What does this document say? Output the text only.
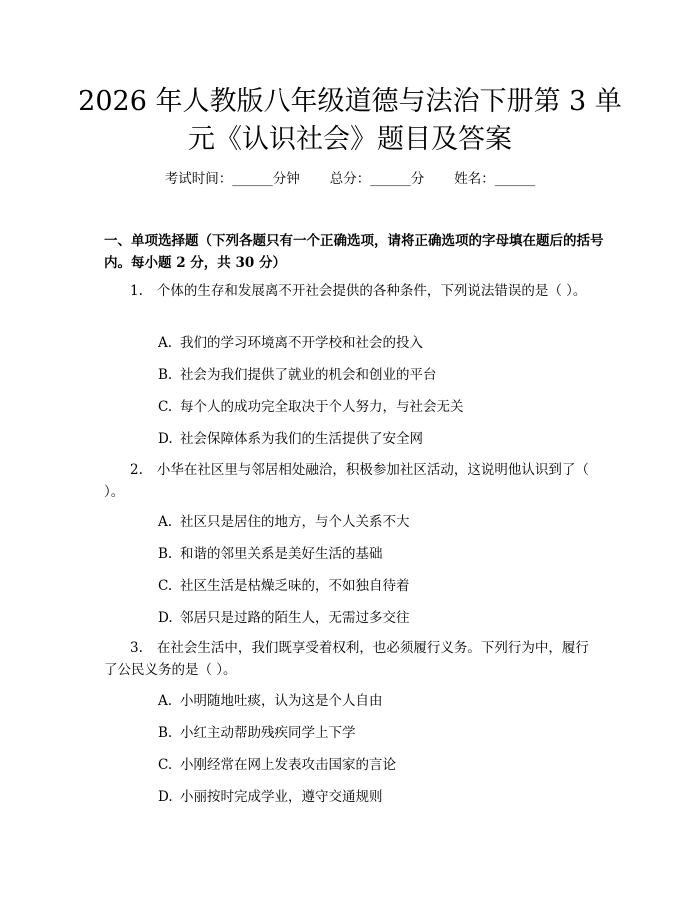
2026 年人教版八年级道德与法治下册第 3 单
元《认识社会》题目及答案
考试时间：______分钟 总分：______分 姓名：______

一、单项选择题（下列各题只有一个正确选项，请将正确选项的字母填在题后的括号内。每小题 2 分，共 30 分）

1. 个体的生存和发展离不开社会提供的各种条件，下列说法错误的是（ ）。

A. 我们的学习环境离不开学校和社会的投入
B. 社会为我们提供了就业的机会和创业的平台
C. 每个人的成功完全取决于个人努力，与社会无关
D. 社会保障体系为我们的生活提供了安全网

2. 小华在社区里与邻居相处融洽，积极参加社区活动，这说明他认识到了（ ）。

A. 社区只是居住的地方，与个人关系不大
B. 和谐的邻里关系是美好生活的基础
C. 社区生活是枯燥乏味的，不如独自待着
D. 邻居只是过路的陌生人，无需过多交往

3. 在社会生活中，我们既享受着权利，也必须履行义务。下列行为中，履行了公民义务的是（ ）。

A. 小明随地吐痰，认为这是个人自由
B. 小红主动帮助残疾同学上下学
C. 小刚经常在网上发表攻击国家的言论
D. 小丽按时完成学业，遵守交通规则
